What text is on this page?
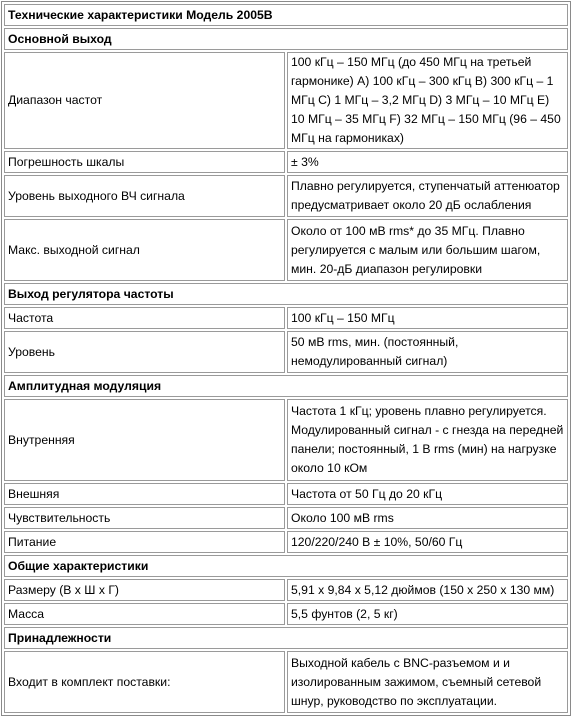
Технические характеристики Модель 2005В	
Основной выход	
Диапазон частот	100 кГц – 150 МГц (до 450 МГц на третьей гармонике) A) 100 кГц – 300 кГц B) 300 кГц – 1 МГц C) 1 МГц – 3,2 МГц D) 3 МГц – 10 МГц E) 10 МГц – 35 МГц F) 32 МГц – 150 МГц (96 – 450 МГц на гармониках)
Погрешность шкалы	± 3%
Уровень выходного ВЧ сигнала	Плавно регулируется, ступенчатый аттенюатор предусматривает около 20 дБ ослабления
Макс. выходной сигнал	Около от 100 мВ rms* до 35 МГц. Плавно регулируется с малым или большим шагом, мин. 20-дБ диапазон регулировки
Выход регулятора частоты	
Частота	100 кГц – 150 МГц
Уровень	50 мВ rms, мин. (постоянный, немодулированный сигнал)
Амплитудная модуляция	
Внутренняя	Частота 1 кГц; уровень плавно регулируется. Модулированный сигнал - с гнезда на передней панели; постоянный, 1 В rms (мин) на нагрузке около 10 кОм
Внешняя	Частота от 50 Гц до 20 кГц
Чувствительность	Около 100 мВ rms
Питание	120/220/240 В ± 10%, 50/60 Гц
Общие характеристики	
Размеру (В х Ш х Г)	5,91 х 9,84 х 5,12 дюймов (150 х 250 х 130 мм)
Масса	5,5 фунтов (2, 5 кг)
Принадлежности	
Входит в комплект поставки:	Выходной кабель с BNC-разъемом и и изолированным зажимом, съемный сетевой шнур, руководство по эксплуатации.
